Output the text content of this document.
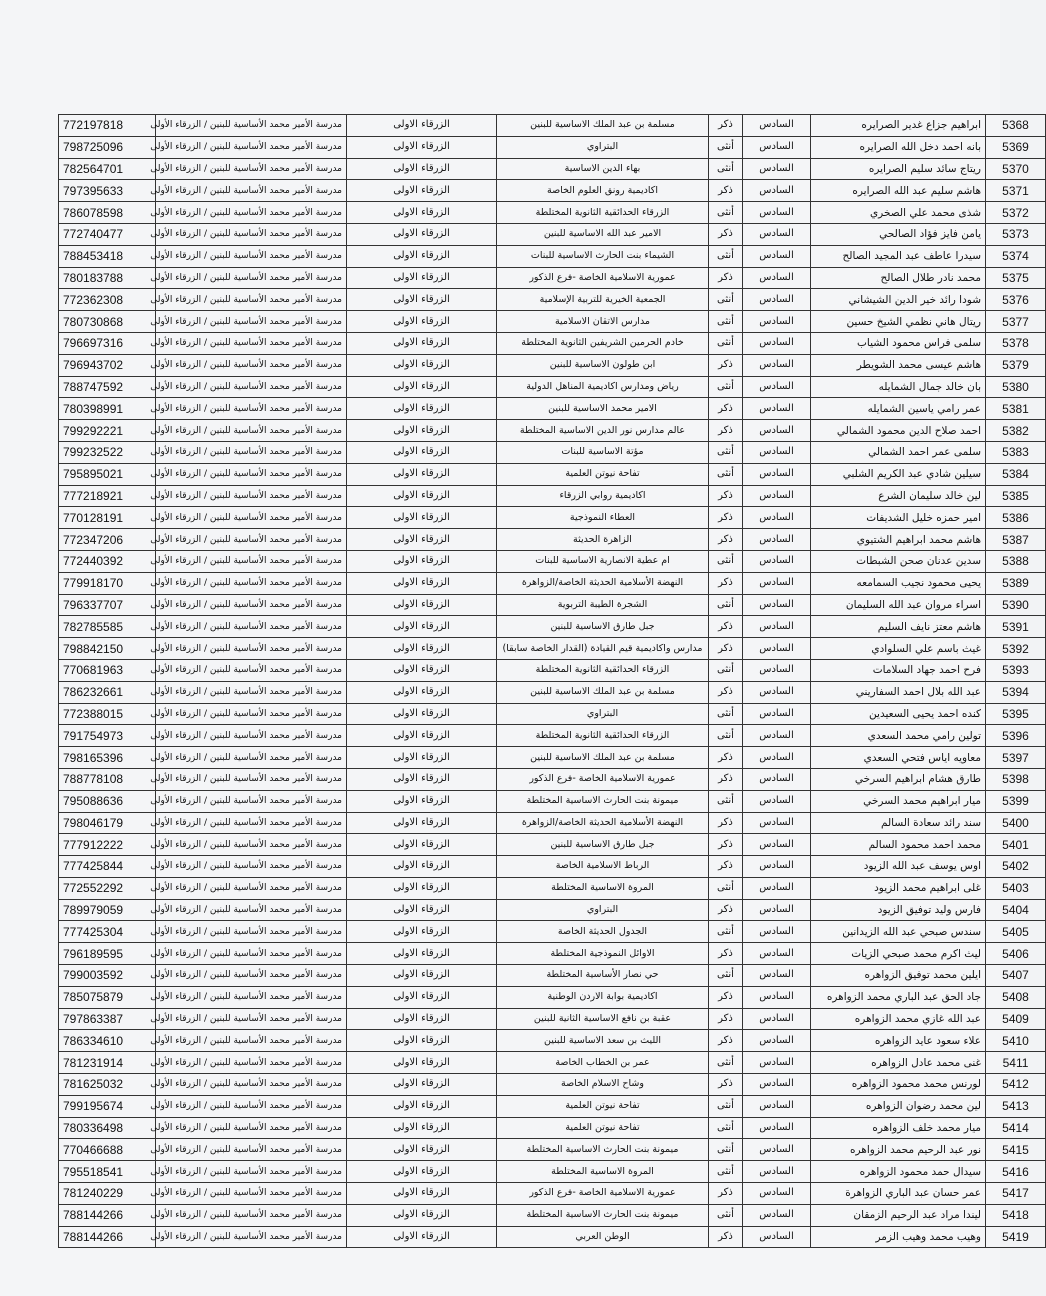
5368	ابراهيم جزاع غدير الصرايره	السادس	ذكر	مسلمة بن عبد الملك الاساسية للبنين	الزرقاء الاولى	مدرسة الأمير محمد الأساسية للبنين / الزرقاء الأولى	772197818
5369	بانه احمد دخل الله الصرايره	السادس	أنثى	البتراوي	الزرقاء الاولى	مدرسة الأمير محمد الأساسية للبنين / الزرقاء الأولى	798725096
5370	ريتاج سائد سليم الصرايره	السادس	أنثى	بهاء الدين الاساسية	الزرقاء الاولى	مدرسة الأمير محمد الأساسية للبنين / الزرقاء الأولى	782564701
5371	هاشم سليم عبد الله الصرايره	السادس	ذكر	اكاديمية رونق العلوم الخاصة	الزرقاء الاولى	مدرسة الأمير محمد الأساسية للبنين / الزرقاء الأولى	797395633
5372	شذى محمد علي الصخري	السادس	أنثى	الزرقاء الحدائقية الثانوية المختلطة	الزرقاء الاولى	مدرسة الأمير محمد الأساسية للبنين / الزرقاء الأولى	786078598
5373	يامن فايز فؤاد الصالحي	السادس	ذكر	الامير عبد الله الاساسية للبنين	الزرقاء الاولى	مدرسة الأمير محمد الأساسية للبنين / الزرقاء الأولى	772740477
5374	سيدرا عاطف عبد المجيد الصالح	السادس	أنثى	الشيماء بنت الحارث الاساسية للبنات	الزرقاء الاولى	مدرسة الأمير محمد الأساسية للبنين / الزرقاء الأولى	788453418
5375	محمد نادر طلال الصالح	السادس	ذكر	عمورية الاسلامية الخاصة -فرع الذكور	الزرقاء الاولى	مدرسة الأمير محمد الأساسية للبنين / الزرقاء الأولى	780183788
5376	شودا رائد خير الدين الشيشاني	السادس	أنثى	الجمعية الخيرية للتربية الإسلامية	الزرقاء الاولى	مدرسة الأمير محمد الأساسية للبنين / الزرقاء الأولى	772362308
5377	ريتال هاني نظمي الشيخ حسين	السادس	أنثى	مدارس الاتقان الاسلامية	الزرقاء الاولى	مدرسة الأمير محمد الأساسية للبنين / الزرقاء الأولى	780730868
5378	سلمى فراس محمود الشياب	السادس	أنثى	خادم الحرمين الشريفين الثانوية المختلطة	الزرقاء الاولى	مدرسة الأمير محمد الأساسية للبنين / الزرقاء الأولى	796697316
5379	هاشم عيسى محمد الشويطر	السادس	ذكر	ابن طولون الاساسية للبنين	الزرقاء الاولى	مدرسة الأمير محمد الأساسية للبنين / الزرقاء الأولى	796943702
5380	بان خالد جمال الشمايله	السادس	أنثى	رياض ومدارس اكاديمية المناهل الدولية	الزرقاء الاولى	مدرسة الأمير محمد الأساسية للبنين / الزرقاء الأولى	788747592
5381	عمر رامي ياسين الشمايله	السادس	ذكر	الامير محمد الاساسية للبنين	الزرقاء الاولى	مدرسة الأمير محمد الأساسية للبنين / الزرقاء الأولى	780398991
5382	احمد صلاح الدين محمود الشمالي	السادس	ذكر	عالم مدارس نور الدين الاساسية المختلطة	الزرقاء الاولى	مدرسة الأمير محمد الأساسية للبنين / الزرقاء الأولى	799292221
5383	سلمى عمر احمد الشمالي	السادس	أنثى	مؤتة الاساسية للبنات	الزرقاء الاولى	مدرسة الأمير محمد الأساسية للبنين / الزرقاء الأولى	799232522
5384	سيلين شادي عبد الكريم الشلبي	السادس	أنثى	تفاحة نيوتن العلمية	الزرقاء الاولى	مدرسة الأمير محمد الأساسية للبنين / الزرقاء الأولى	795895021
5385	لين خالد سليمان الشرع	السادس	ذكر	اكاديمية روابي الزرقاء	الزرقاء الاولى	مدرسة الأمير محمد الأساسية للبنين / الزرقاء الأولى	777218921
5386	امير حمزه خليل الشديفات	السادس	ذكر	العطاء النموذجية	الزرقاء الاولى	مدرسة الأمير محمد الأساسية للبنين / الزرقاء الأولى	770128191
5387	هاشم محمد ابراهيم الشتيوي	السادس	ذكر	الزاهرة الحديثة	الزرقاء الاولى	مدرسة الأمير محمد الأساسية للبنين / الزرقاء الأولى	772347206
5388	سدين عدنان صحن الشبطات	السادس	أنثى	ام عطية الانصارية الاساسية للبنات	الزرقاء الاولى	مدرسة الأمير محمد الأساسية للبنين / الزرقاء الأولى	772440392
5389	يحيى محمود نجيب السمامعه	السادس	ذكر	النهضة الأسلامية الحديثة الخاصة/الزواهرة	الزرقاء الاولى	مدرسة الأمير محمد الأساسية للبنين / الزرقاء الأولى	779918170
5390	اسراء مروان عبد الله السليمان	السادس	أنثى	الشجرة الطيبة التربوية	الزرقاء الاولى	مدرسة الأمير محمد الأساسية للبنين / الزرقاء الأولى	796337707
5391	هاشم معتز نايف السليم	السادس	ذكر	جبل طارق الاساسية للبنين	الزرقاء الاولى	مدرسة الأمير محمد الأساسية للبنين / الزرقاء الأولى	782785585
5392	غيث باسم علي السلوادي	السادس	ذكر	مدارس واكاديمية قيم القيادة (القدار الخاصة سابقا)	الزرقاء الاولى	مدرسة الأمير محمد الأساسية للبنين / الزرقاء الأولى	798842150
5393	فرح احمد جهاد السلامات	السادس	أنثى	الزرقاء الحدائقية الثانوية المختلطة	الزرقاء الاولى	مدرسة الأمير محمد الأساسية للبنين / الزرقاء الأولى	770681963
5394	عبد الله بلال احمد السفاريني	السادس	ذكر	مسلمة بن عبد الملك الاساسية للبنين	الزرقاء الاولى	مدرسة الأمير محمد الأساسية للبنين / الزرقاء الأولى	786232661
5395	كنده احمد يحيى السعيدين	السادس	أنثى	البتراوي	الزرقاء الاولى	مدرسة الأمير محمد الأساسية للبنين / الزرقاء الأولى	772388015
5396	تولين رامي محمد السعدي	السادس	أنثى	الزرقاء الحدائقية الثانوية المختلطة	الزرقاء الاولى	مدرسة الأمير محمد الأساسية للبنين / الزرقاء الأولى	791754973
5397	معاويه اياس فتحي السعدي	السادس	ذكر	مسلمة بن عبد الملك الاساسية للبنين	الزرقاء الاولى	مدرسة الأمير محمد الأساسية للبنين / الزرقاء الأولى	798165396
5398	طارق هشام ابراهيم السرخي	السادس	ذكر	عمورية الاسلامية الخاصة -فرع الذكور	الزرقاء الاولى	مدرسة الأمير محمد الأساسية للبنين / الزرقاء الأولى	788778108
5399	ميار ابراهيم محمد السرخي	السادس	أنثى	ميمونة بنت الحارث الاساسية المختلطة	الزرقاء الاولى	مدرسة الأمير محمد الأساسية للبنين / الزرقاء الأولى	795088636
5400	سند رائد سعادة السالم	السادس	ذكر	النهضة الأسلامية الحديثة الخاصة/الزواهرة	الزرقاء الاولى	مدرسة الأمير محمد الأساسية للبنين / الزرقاء الأولى	798046179
5401	محمد احمد محمود السالم	السادس	ذكر	جبل طارق الاساسية للبنين	الزرقاء الاولى	مدرسة الأمير محمد الأساسية للبنين / الزرقاء الأولى	777912222
5402	اوس يوسف عبد الله الزيود	السادس	ذكر	الرباط الاسلامية الخاصة	الزرقاء الاولى	مدرسة الأمير محمد الأساسية للبنين / الزرقاء الأولى	777425844
5403	غلى ابراهيم محمد الزيود	السادس	أنثى	المروة الاساسية المختلطة	الزرقاء الاولى	مدرسة الأمير محمد الأساسية للبنين / الزرقاء الأولى	772552292
5404	فارس وليد توفيق الزيود	السادس	ذكر	البتراوي	الزرقاء الاولى	مدرسة الأمير محمد الأساسية للبنين / الزرقاء الأولى	789979059
5405	سندس صبحي عبد الله الزيدانين	السادس	أنثى	الجدول الحديثة الخاصة	الزرقاء الاولى	مدرسة الأمير محمد الأساسية للبنين / الزرقاء الأولى	777425304
5406	ليث اكرم محمد صبحي الزيات	السادس	ذكر	الاوائل النموذجية المختلطة	الزرقاء الاولى	مدرسة الأمير محمد الأساسية للبنين / الزرقاء الأولى	796189595
5407	ايلين محمد توفيق الزواهره	السادس	أنثى	حي نصار الأساسية المختلطة	الزرقاء الاولى	مدرسة الأمير محمد الأساسية للبنين / الزرقاء الأولى	799003592
5408	جاد الحق عبد الباري محمد الزواهره	السادس	ذكر	اكاديمية بوابة الاردن الوطنية	الزرقاء الاولى	مدرسة الأمير محمد الأساسية للبنين / الزرقاء الأولى	785075879
5409	عبد الله غازي محمد الزواهره	السادس	ذكر	عقبة بن نافع الاساسية الثانية للبنين	الزرقاء الاولى	مدرسة الأمير محمد الأساسية للبنين / الزرقاء الأولى	797863387
5410	علاء سعود عايد الزواهره	السادس	ذكر	الليث بن سعد الاساسية للبنين	الزرقاء الاولى	مدرسة الأمير محمد الأساسية للبنين / الزرقاء الأولى	786334610
5411	غنى محمد عادل الزواهره	السادس	أنثى	عمر بن الخطاب الخاصة	الزرقاء الاولى	مدرسة الأمير محمد الأساسية للبنين / الزرقاء الأولى	781231914
5412	لورنس محمد محمود الزواهره	السادس	ذكر	وشاح الاسلام الخاصة	الزرقاء الاولى	مدرسة الأمير محمد الأساسية للبنين / الزرقاء الأولى	781625032
5413	لين محمد رضوان الزواهره	السادس	أنثى	تفاحة نيوتن العلمية	الزرقاء الاولى	مدرسة الأمير محمد الأساسية للبنين / الزرقاء الأولى	799195674
5414	ميار محمد خلف الزواهره	السادس	أنثى	تفاحة نيوتن العلمية	الزرقاء الاولى	مدرسة الأمير محمد الأساسية للبنين / الزرقاء الأولى	780336498
5415	نور عبد الرحيم محمد الزواهره	السادس	أنثى	ميمونة بنت الحارث الاساسية المختلطة	الزرقاء الاولى	مدرسة الأمير محمد الأساسية للبنين / الزرقاء الأولى	770466688
5416	سيدال حمد محمود الزواهره	السادس	أنثى	المروة الاساسية المختلطة	الزرقاء الاولى	مدرسة الأمير محمد الأساسية للبنين / الزرقاء الأولى	795518541
5417	عمر حسان عبد الباري الزواهرة	السادس	ذكر	عمورية الاسلامية الخاصة -فرع الذكور	الزرقاء الاولى	مدرسة الأمير محمد الأساسية للبنين / الزرقاء الأولى	781240229
5418	ليندا مراد عبد الرحيم الزمقان	السادس	أنثى	ميمونة بنت الحارث الاساسية المختلطة	الزرقاء الاولى	مدرسة الأمير محمد الأساسية للبنين / الزرقاء الأولى	788144266
5419	وهيب محمد وهيب الزمر	السادس	ذكر	الوطن العربي	الزرقاء الاولى	مدرسة الأمير محمد الأساسية للبنين / الزرقاء الأولى	788144266
